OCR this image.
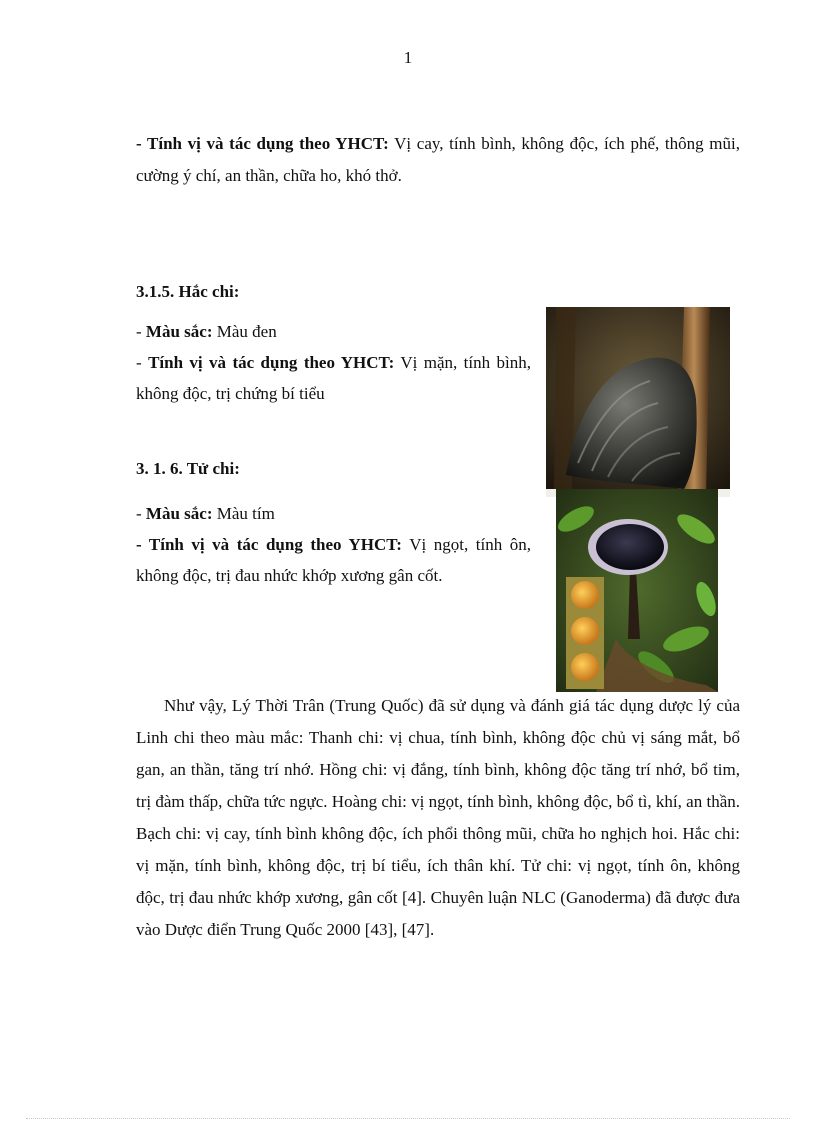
1
- Tính vị và tác dụng theo YHCT: Vị cay, tính bình, không độc, ích phế, thông mũi, cường ý chí, an thần, chữa ho, khó thở.
3.1.5. Hắc chi:
- Màu sắc: Màu đen
- Tính vị và tác dụng theo YHCT: Vị mặn, tính bình, không độc, trị chứng bí tiểu
3. 1. 6. Tử chi:
- Màu sắc: Màu tím
- Tính vị và tác dụng theo YHCT: Vị ngọt, tính ôn, không độc, trị đau nhức khớp xương gân cốt.
Như vậy, Lý Thời Trân (Trung Quốc) đã sử dụng và đánh giá tác dụng dược lý của Linh chi theo màu mắc: Thanh chi: vị chua, tính bình, không độc chủ vị sáng mắt, bổ gan, an thần, tăng trí nhớ. Hồng chi: vị đắng, tính bình, không độc tăng trí nhớ, bổ tim, trị đàm thấp, chữa tức ngực. Hoàng chi: vị ngọt, tính bình, không độc, bổ tì, khí, an thần. Bạch chi: vị cay, tính bình không độc, ích phổi thông mũi, chữa ho nghịch hoi. Hắc chi: vị mặn, tính bình, không độc, trị bí tiểu, ích thân khí. Tử chi: vị ngọt, tính ôn, không độc, trị đau nhức khớp xương, gân cốt [4]. Chuyên luận NLC (Ganoderma) đã được đưa vào Dược điển Trung Quốc 2000 [43], [47].
